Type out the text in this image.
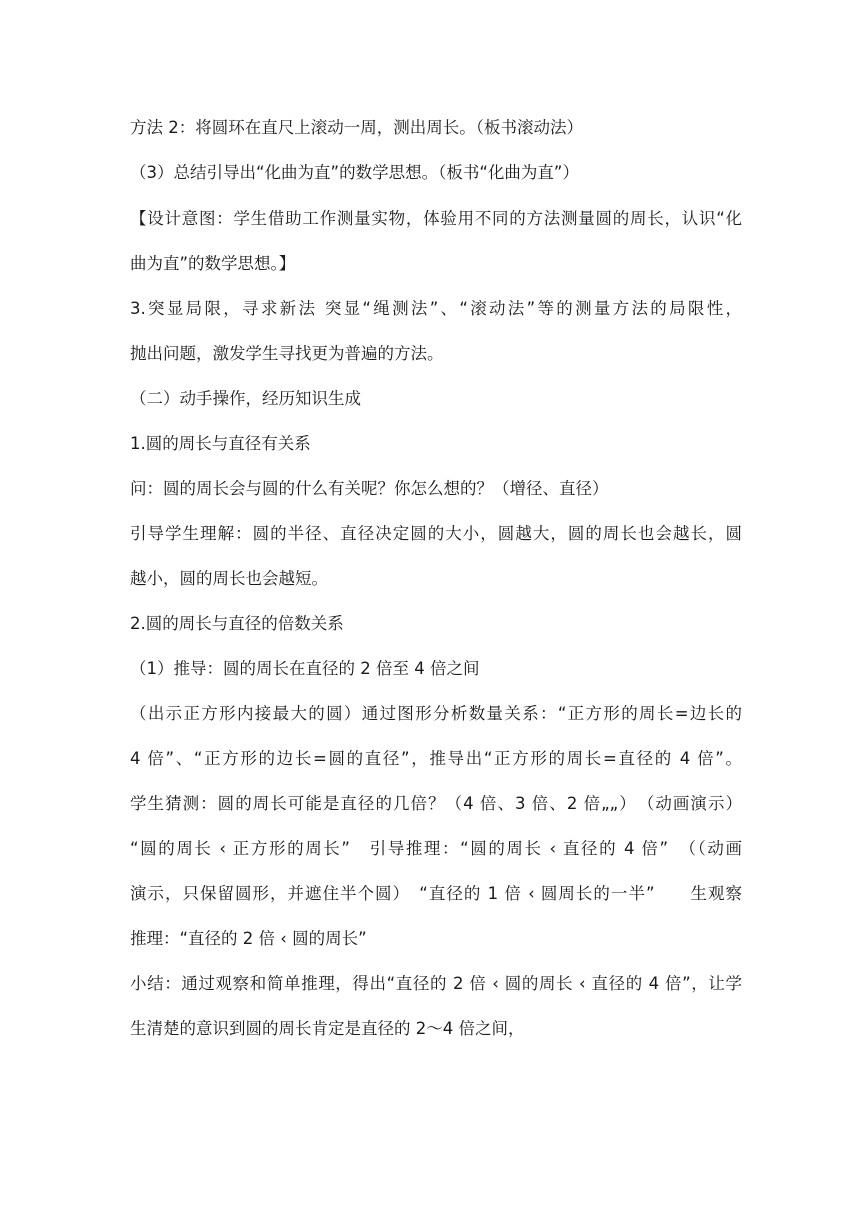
方法 2：将圆环在直尺上滚动一周，测出周长。（板书滚动法）
（3）总结引导出“化曲为直”的数学思想。（板书“化曲为直”）
【设计意图：学生借助工作测量实物，体验用不同的方法测量圆的周长，认识“化
曲为直”的数学思想。】
3.突显局限，寻求新法 突显“绳测法”、“滚动法”等的测量方法的局限性，
抛出问题，激发学生寻找更为普遍的方法。
（二）动手操作，经历知识生成
1.圆的周长与直径有关系
问：圆的周长会与圆的什么有关呢？你怎么想的？（增径、直径）
引导学生理解：圆的半径、直径决定圆的大小，圆越大，圆的周长也会越长，圆
越小，圆的周长也会越短。
2.圆的周长与直径的倍数关系
（1）推导：圆的周长在直径的 2 倍至 4 倍之间
（出示正方形内接最大的圆）通过图形分析数量关系：“正方形的周长=边长的
4 倍”、“正方形的边长=圆的直径”，推导出“正方形的周长=直径的 4 倍”。
学生猜测：圆的周长可能是直径的几倍？（4 倍、3 倍、2 倍„„）　（动画演示）
“圆的周长 ‹ 正方形的周长”　引导推理：“圆的周长 ‹ 直径的 4 倍”　（（动画
演示，只保留圆形，并遮住半个圆）　“直径的 1 倍 ‹ 圆周长的一半”　　生观察
推理：“直径的 2 倍 ‹ 圆的周长”
小结：通过观察和简单推理，得出“直径的 2 倍 ‹ 圆的周长 ‹ 直径的 4 倍”，让学
生清楚的意识到圆的周长肯定是直径的 2～4 倍之间，
